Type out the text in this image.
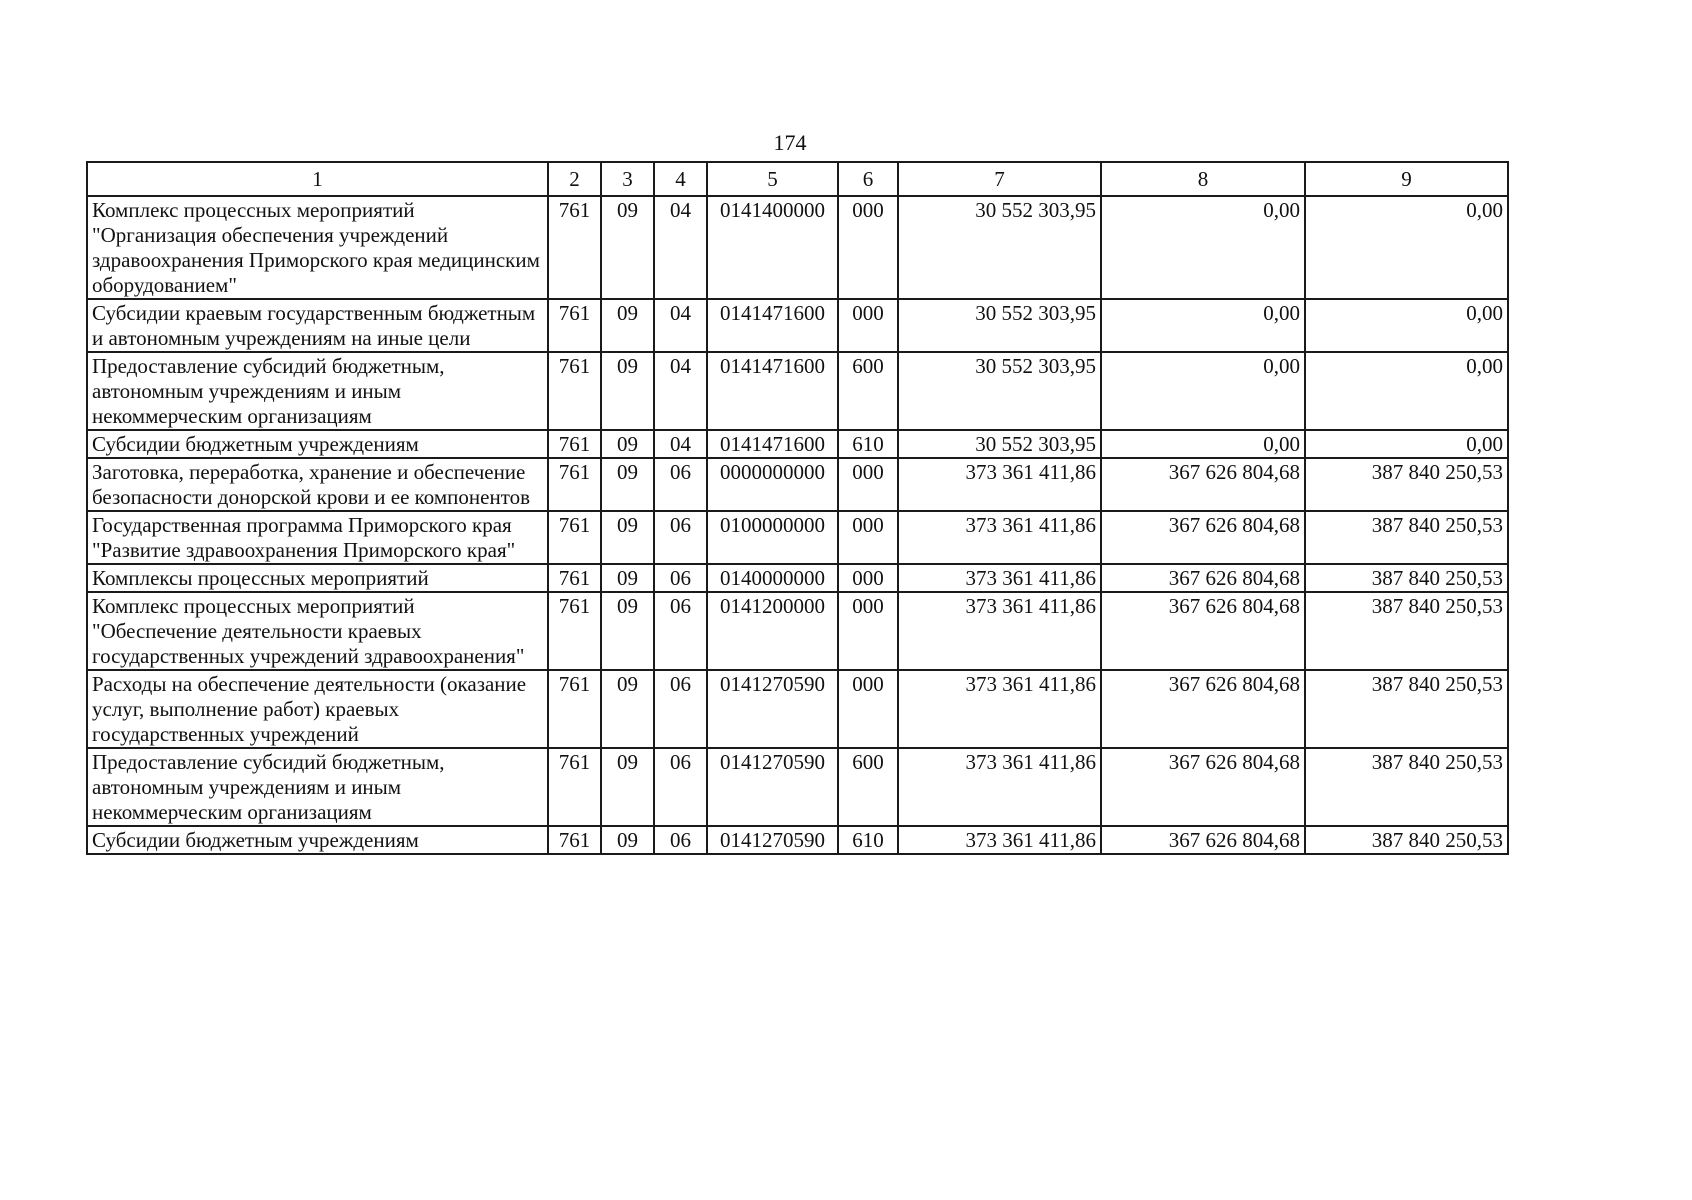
174
1	2	3	4	5	6	7	8	9
Комплекс процессных мероприятий "Организация обеспечения учреждений здравоохранения Приморского края медицинским оборудованием"	761	09	04	0141400000	000	30 552 303,95	0,00	0,00
Субсидии краевым государственным бюджетным и автономным учреждениям на иные цели	761	09	04	0141471600	000	30 552 303,95	0,00	0,00
Предоставление субсидий бюджетным, автономным учреждениям и иным некоммерческим организациям	761	09	04	0141471600	600	30 552 303,95	0,00	0,00
Субсидии бюджетным учреждениям	761	09	04	0141471600	610	30 552 303,95	0,00	0,00
Заготовка, переработка, хранение и обеспечение безопасности донорской крови и ее компонентов	761	09	06	0000000000	000	373 361 411,86	367 626 804,68	387 840 250,53
Государственная программа Приморского края "Развитие здравоохранения Приморского края"	761	09	06	0100000000	000	373 361 411,86	367 626 804,68	387 840 250,53
Комплексы процессных мероприятий	761	09	06	0140000000	000	373 361 411,86	367 626 804,68	387 840 250,53
Комплекс процессных мероприятий "Обеспечение деятельности краевых государственных учреждений здравоохранения"	761	09	06	0141200000	000	373 361 411,86	367 626 804,68	387 840 250,53
Расходы на обеспечение деятельности (оказание услуг, выполнение работ) краевых государственных учреждений	761	09	06	0141270590	000	373 361 411,86	367 626 804,68	387 840 250,53
Предоставление субсидий бюджетным, автономным учреждениям и иным некоммерческим организациям	761	09	06	0141270590	600	373 361 411,86	367 626 804,68	387 840 250,53
Субсидии бюджетным учреждениям	761	09	06	0141270590	610	373 361 411,86	367 626 804,68	387 840 250,53
